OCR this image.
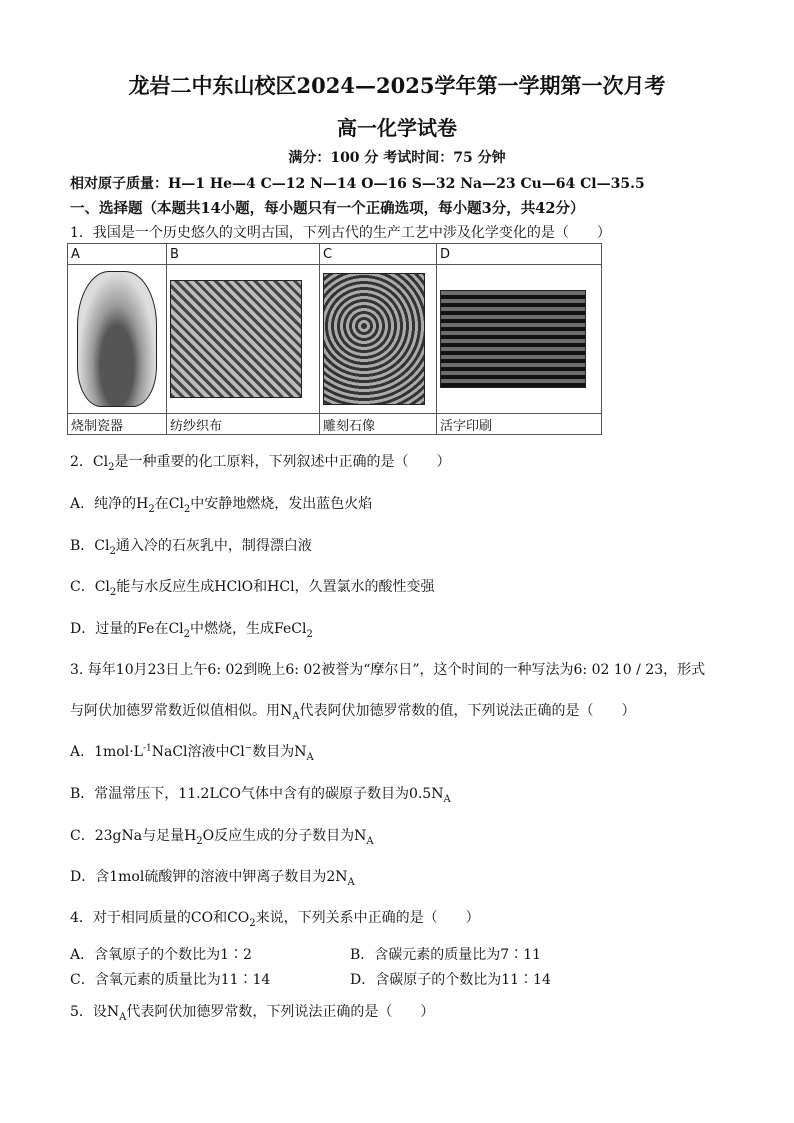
龙岩二中东山校区2024—2025学年第一学期第一次月考
高一化学试卷
满分：100 分 考试时间：75 分钟
相对原子质量：H—1 He—4 C—12 N—14 O—16 S—32 Na—23 Cu—64 Cl—35.5
一、选择题（本题共14小题，每小题只有一个正确选项，每小题3分，共42分）
1．我国是一个历史悠久的文明古国，下列古代的生产工艺中涉及化学变化的是（　　）
A	B	C	D

烧制瓷器	纺纱织布	雕刻石像	活字印刷
2．$Cl_2$是一种重要的化工原料，下列叙述中正确的是（　　）
A．纯净的$H_2$在$Cl_2$中安静地燃烧，发出蓝色火焰
B．$Cl_2$通入冷的石灰乳中，制得漂白液
C．$Cl_2$能与水反应生成HClO和HCl，久置氯水的酸性变强
D．过量的Fe在$Cl_2$中燃烧，生成FeCl$_2$
3. 每年10月23日上午6: 02到晚上6: 02被誉为“摩尔日”，这个时间的一种写法为6: 02 10 / 23，形式
与阿伏加德罗常数近似值相似。用$N_A$代表阿伏加德罗常数的值，下列说法正确的是（　　）
A．$1mol\cdot L^{-1}NaCl$溶液中Cl−数目为$N_A$
B．常温常压下，11.2LCO气体中含有的碳原子数目为$0.5N_A$
C．23gNa与足量$H_2O$反应生成的分子数目为$N_A$
D．含1mol硫酸钾的溶液中钾离子数目为$2N_A$
4．对于相同质量的CO和$CO_2$来说，下列关系中正确的是（　　）
A．含氧原子的个数比为1∶2	B．含碳元素的质量比为7∶11
C．含氧元素的质量比为11∶14	D．含碳原子的个数比为11∶14
5．设$N_A$代表阿伏加德罗常数，下列说法正确的是（　　）
